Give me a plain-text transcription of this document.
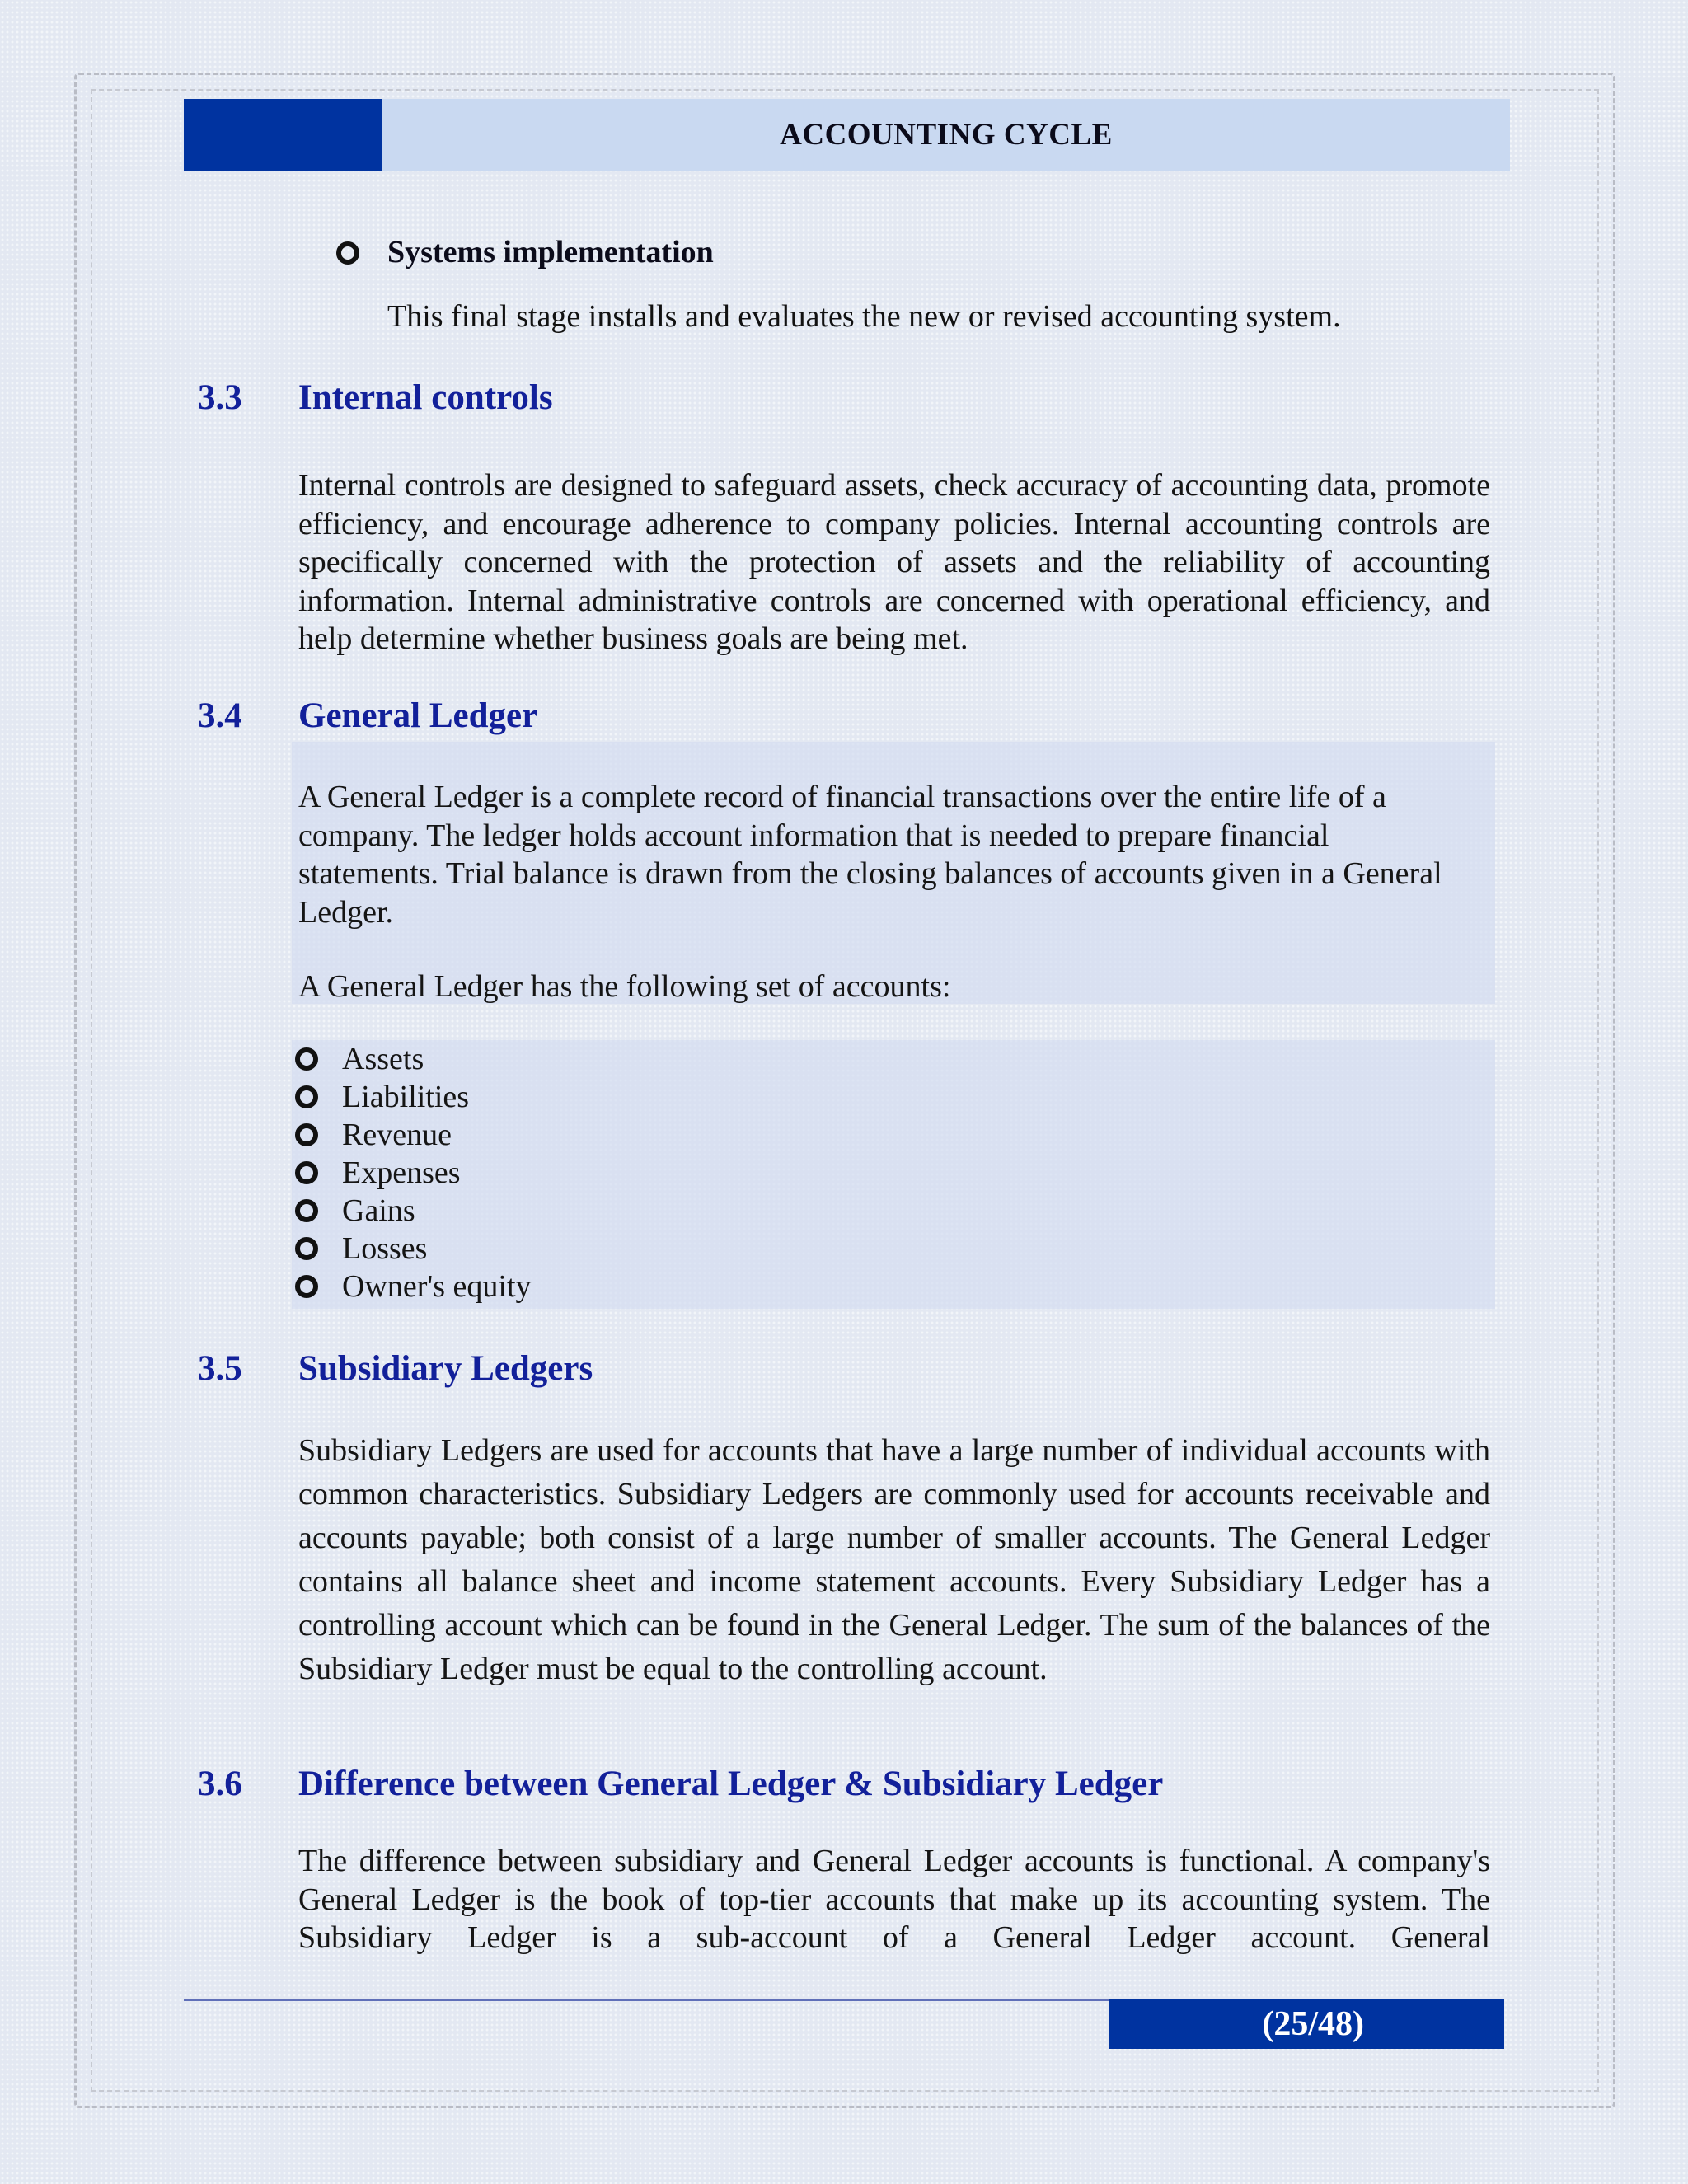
ACCOUNTING CYCLE
Systems implementation
This final stage installs and evaluates the new or revised accounting system.
3.3 Internal controls
Internal controls are designed to safeguard assets, check accuracy of accounting data, promote efficiency, and encourage adherence to company policies. Internal accounting controls are specifically concerned with the protection of assets and the reliability of accounting information. Internal administrative controls are concerned with operational efficiency, and help determine whether business goals are being met.
3.4 General Ledger
A General Ledger is a complete record of financial transactions over the entire life of a company. The ledger holds account information that is needed to prepare financial statements. Trial balance is drawn from the closing balances of accounts given in a General Ledger.
A General Ledger has the following set of accounts:
Assets
Liabilities
Revenue
Expenses
Gains
Losses
Owner's equity
3.5 Subsidiary Ledgers
Subsidiary Ledgers are used for accounts that have a large number of individual accounts with common characteristics. Subsidiary Ledgers are commonly used for accounts receivable and accounts payable; both consist of a large number of smaller accounts. The General Ledger contains all balance sheet and income statement accounts. Every Subsidiary Ledger has a controlling account which can be found in the General Ledger. The sum of the balances of the Subsidiary Ledger must be equal to the controlling account.
3.6 Difference between General Ledger & Subsidiary Ledger
The difference between subsidiary and General Ledger accounts is functional. A company's General Ledger is the book of top-tier accounts that make up its accounting system. The Subsidiary Ledger is a sub-account of a General Ledger account. General
(25/48)
